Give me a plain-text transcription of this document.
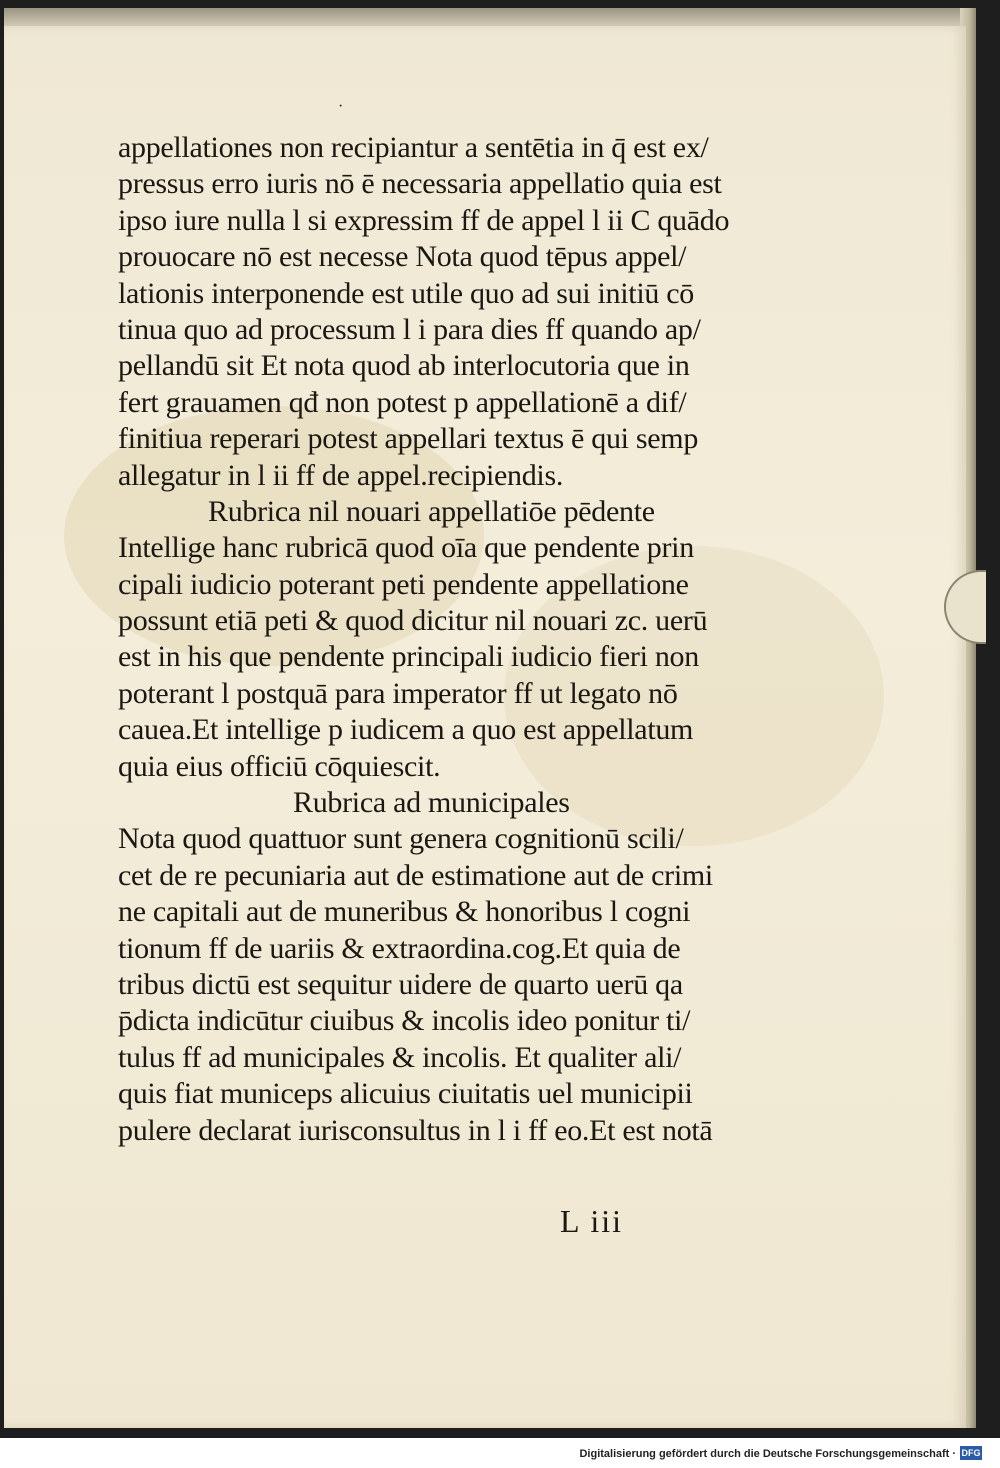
·
appellationes non recipiantur a sentētia in q̄ est ex/
pressus erro iuris nō ē necessaria appellatio quia est
ipso iure nulla l si expressim ff de appel l ii C quādo
prouocare nō est necesse Nota quod tēpus appel/
lationis interponende est utile quo ad sui initiū cō
tinua quo ad processum l i para dies ff quando ap/
pellandū sit Et nota quod ab interlocutoria que in
fert grauamen qđ non potest p appellationē a dif/
finitiua reperari potest appellari textus ē qui semp
allegatur in l ii ff de appel.recipiendis.
Rubrica nil nouari appellatiōe pēdente
Intellige hanc rubricā quod oīa que pendente prin
cipali iudicio poterant peti pendente appellatione
possunt etiā peti & quod dicitur nil nouari zc. uerū
est in his que pendente principali iudicio fieri non
poterant l postquā para imperator ff ut legato nō
cauea.Et intellige p iudicem a quo est appellatum
quia eius officiū cōquiescit.
Rubrica ad municipales
Nota quod quattuor sunt genera cognitionū scili/
cet de re pecuniaria aut de estimatione aut de crimi
ne capitali aut de muneribus & honoribus l cogni
tionum ff de uariis & extraordina.cog.Et quia de
tribus dictū est sequitur uidere de quarto uerū qa
p̄dicta indicūtur ciuibus & incolis ideo ponitur ti/
tulus ff ad municipales & incolis. Et qualiter ali/
quis fiat municeps alicuius ciuitatis uel municipii
pulere declarat iurisconsultus in l i ff eo.Et est notā
L iii
Digitalisierung gefördert durch die Deutsche Forschungsgemeinschaft · DFG
